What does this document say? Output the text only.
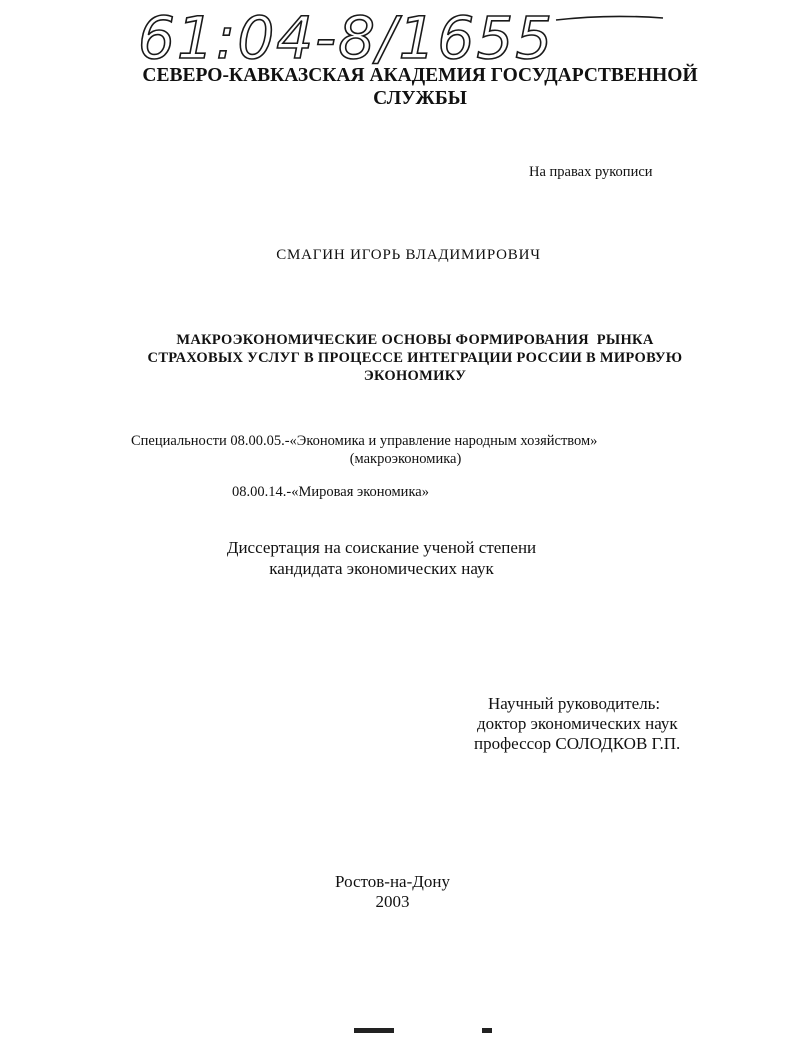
61:04-8/1655
СЕВЕРО-КАВКАЗСКАЯ АКАДЕМИЯ ГОСУДАРСТВЕННОЙ
СЛУЖБЫ
На правах рукописи
СМАГИН ИГОРЬ ВЛАДИМИРОВИЧ
МАКРОЭКОНОМИЧЕСКИЕ ОСНОВЫ ФОРМИРОВАНИЯ  РЫНКА
СТРАХОВЫХ УСЛУГ В ПРОЦЕССЕ ИНТЕГРАЦИИ РОССИИ В МИРОВУЮ
ЭКОНОМИКУ
Специальности 08.00.05.-«Экономика и управление народным хозяйством»
(макроэкономика)
08.00.14.-«Мировая экономика»
Диссертация на соискание ученой степени
кандидата экономических наук
Научный руководитель:
доктор экономических наук
профессор СОЛОДКОВ Г.П.
Ростов-на-Дону
2003
